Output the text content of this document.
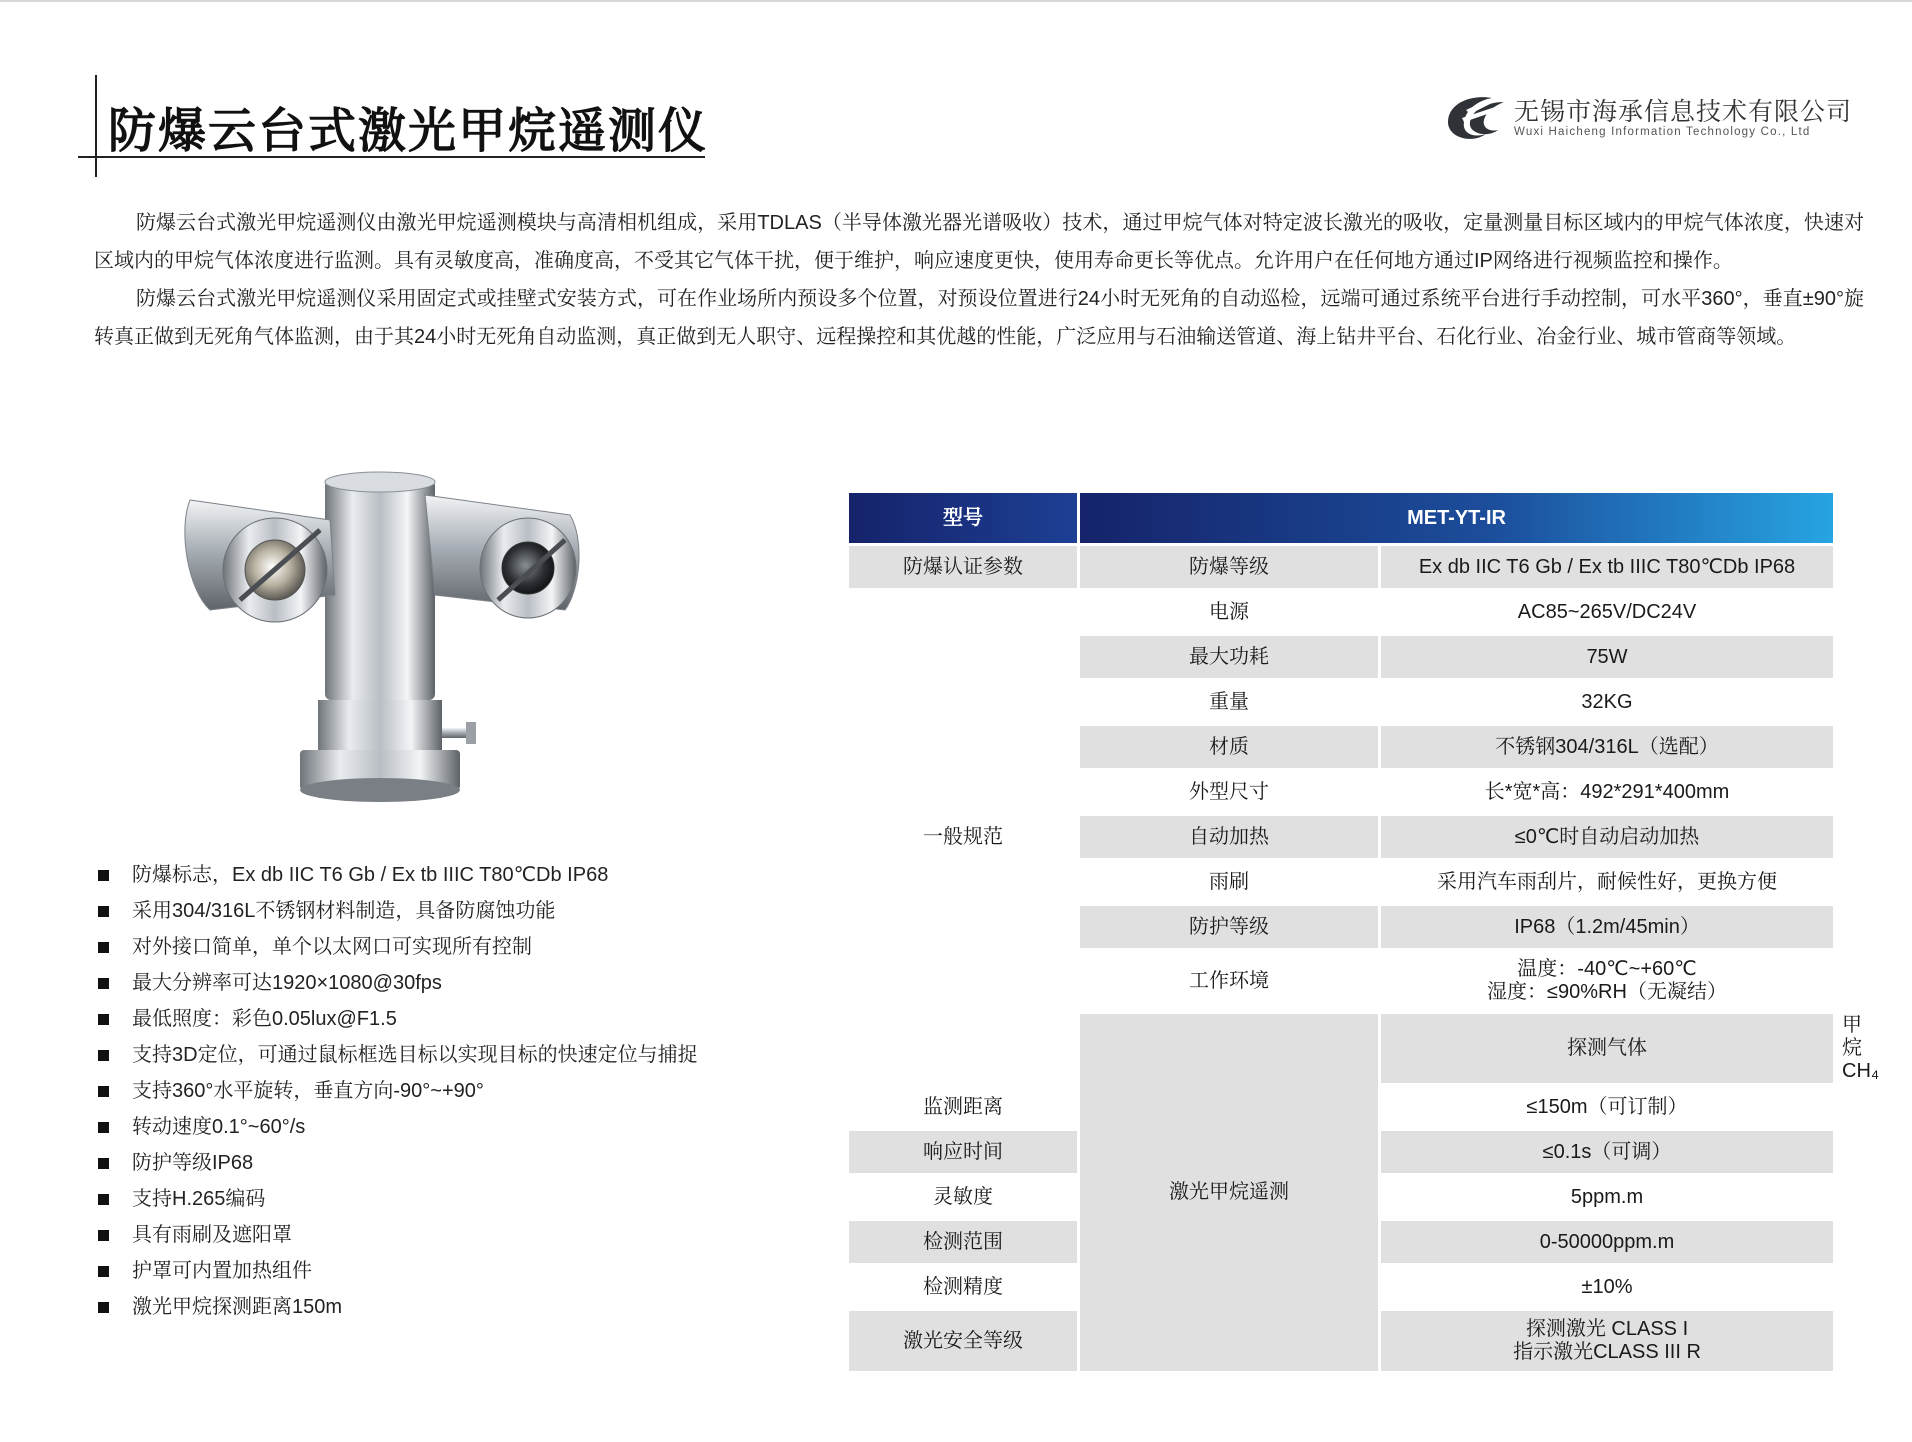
防爆云台式激光甲烷遥测仪	无锡市海承信息技术有限公司
Wuxi Haicheng Information Technology Co., Ltd

防爆云台式激光甲烷遥测仪由激光甲烷遥测模块与高清相机组成，采用TDLAS（半导体激光器光谱吸收）技术，通过甲烷气体对特定波长激光的吸收，定量测量目标区域内的甲烷气体浓度，快速对区域内的甲烷气体浓度进行监测。具有灵敏度高，准确度高，不受其它气体干扰，便于维护，响应速度更快，使用寿命更长等优点。允许用户在任何地方通过IP网络进行视频监控和操作。

防爆云台式激光甲烷遥测仪采用固定式或挂壁式安装方式，可在作业场所内预设多个位置，对预设位置进行24小时无死角的自动巡检，远端可通过系统平台进行手动控制，可水平360°，垂直±90°旋转真正做到无死角气体监测，由于其24小时无死角自动监测，真正做到无人职守、远程操控和其优越的性能，广泛应用与石油输送管道、海上钻井平台、石化行业、冶金行业、城市管商等领域。

防爆标志，Ex db IIC T6 Gb / Ex tb IIIC T80℃Db IP68
采用304/316L不锈钢材料制造，具备防腐蚀功能
对外接口简单，单个以太网口可实现所有控制
最大分辨率可达1920×1080@30fps
最低照度：彩色0.05lux@F1.5
支持3D定位，可通过鼠标框选目标以实现目标的快速定位与捕捉
支持360°水平旋转，垂直方向-90°~+90°
转动速度0.1°~60°/s
防护等级IP68
支持H.265编码
具有雨刷及遮阳罩
护罩可内置加热组件
激光甲烷探测距离150m
型号	MET-YT-IR		
防爆认证参数	防爆等级	Ex db IIC T6 Gb / Ex tb IIIC T80℃Db IP68	
一般规范	电源	AC85~265V/DC24V	
	最大功耗	75W	
	重量	32KG	
	材质	不锈钢304/316L（选配）	
	外型尺寸	长*宽*高：492*291*400mm	
	自动加热	≤0℃时自动启动加热	
	雨刷	采用汽车雨刮片，耐候性好，更换方便	
	防护等级	IP68（1.2m/45min）	
	工作环境	温度：-40℃~+60℃
湿度：≤90%RH（无凝结）	

	激光甲烷遥测	探测气体	甲烷CH₄
监测距离		≤150m（可订制）	
响应时间		≤0.1s（可调）	
灵敏度		5ppm.m	
检测范围		0-50000ppm.m	
检测精度		±10%	
激光安全等级		探测激光 CLASS I
指示激光CLASS III R	
